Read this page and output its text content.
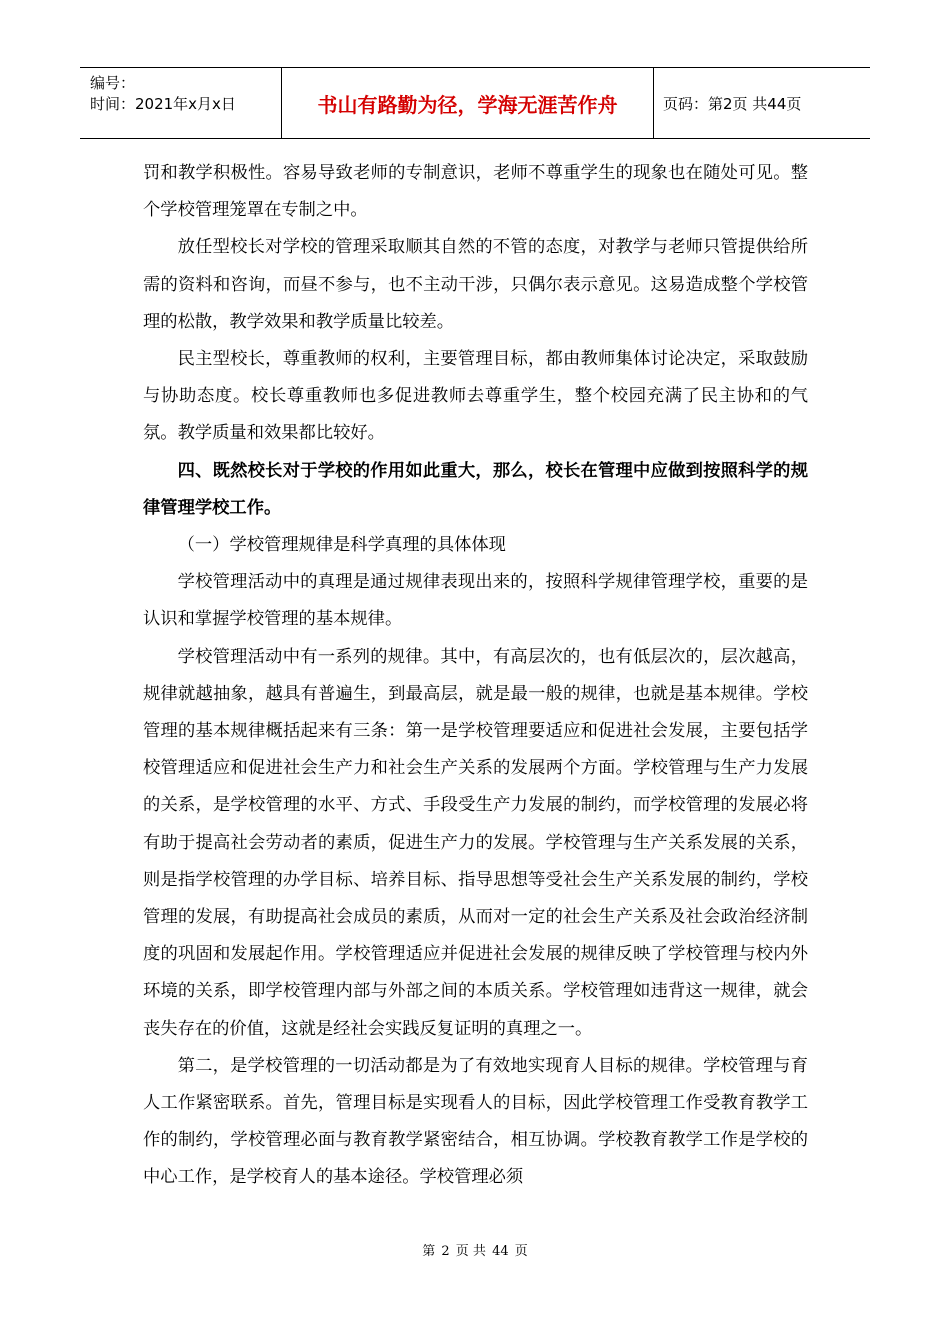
编号：
时间：2021年x月x日	书山有路勤为径，学海无涯苦作舟	页码：第2页 共44页

罚和教学积极性。容易导致老师的专制意识，老师不尊重学生的现象也在随处可见。整个学校管理笼罩在专制之中。

放任型校长对学校的管理采取顺其自然的不管的态度，对教学与老师只管提供给所需的资料和咨询，而昼不参与，也不主动干涉，只偶尔表示意见。这易造成整个学校管理的松散，教学效果和教学质量比较差。

民主型校长，尊重教师的权利，主要管理目标，都由教师集体讨论决定，采取鼓励与协助态度。校长尊重教师也多促进教师去尊重学生，整个校园充满了民主协和的气氛。教学质量和效果都比较好。

四、既然校长对于学校的作用如此重大，那么，校长在管理中应做到按照科学的规律管理学校工作。

（一）学校管理规律是科学真理的具体体现

学校管理活动中的真理是通过规律表现出来的，按照科学规律管理学校，重要的是认识和掌握学校管理的基本规律。

学校管理活动中有一系列的规律。其中，有高层次的，也有低层次的，层次越高，规律就越抽象，越具有普遍生，到最高层，就是最一般的规律，也就是基本规律。学校管理的基本规律概括起来有三条：第一是学校管理要适应和促进社会发展，主要包括学校管理适应和促进社会生产力和社会生产关系的发展两个方面。学校管理与生产力发展的关系，是学校管理的水平、方式、手段受生产力发展的制约，而学校管理的发展必将有助于提高社会劳动者的素质，促进生产力的发展。学校管理与生产关系发展的关系，则是指学校管理的办学目标、培养目标、指导思想等受社会生产关系发展的制约，学校管理的发展，有助提高社会成员的素质，从而对一定的社会生产关系及社会政治经济制度的巩固和发展起作用。学校管理适应并促进社会发展的规律反映了学校管理与校内外环境的关系，即学校管理内部与外部之间的本质关系。学校管理如违背这一规律，就会丧失存在的价值，这就是经社会实践反复证明的真理之一。

第二，是学校管理的一切活动都是为了有效地实现育人目标的规律。学校管理与育人工作紧密联系。首先，管理目标是实现看人的目标，因此学校管理工作受教育教学工作的制约，学校管理必面与教育教学紧密结合，相互协调。学校教育教学工作是学校的中心工作，是学校育人的基本途径。学校管理必须

第 2 页 共 44 页
